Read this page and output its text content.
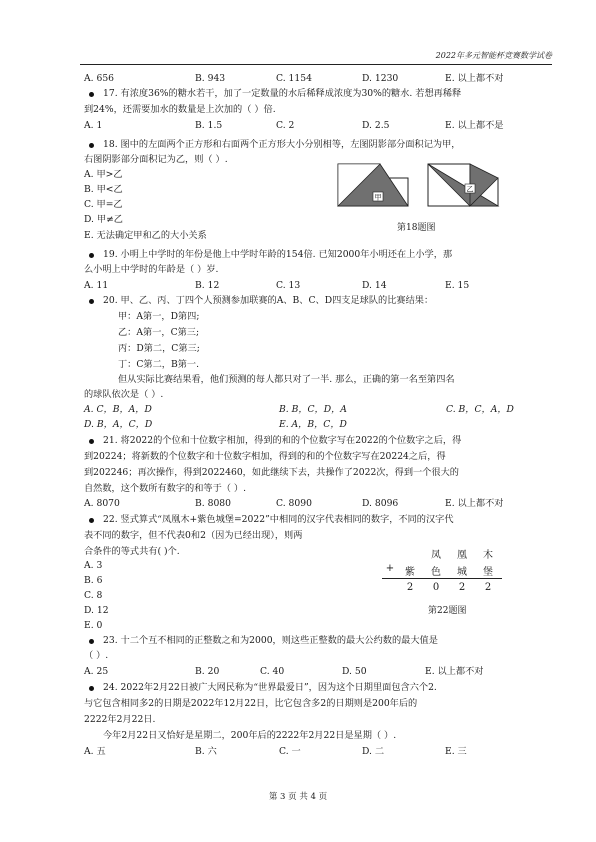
2022年多元智能杯竞赛数学试卷
A. 656	B. 943	C. 1154	D. 1230	E. 以上都不对
17. 有浓度36%的糖水若干，加了一定数量的水后稀释成浓度为30%的糖水. 若想再稀释
到24%，还需要加水的数量是上次加的（ ）倍.
A. 1	B. 1.5	C. 2	D. 2.5	E. 以上都不是
18. 图中的左面两个正方形和右面两个正方形大小分别相等，左图阴影部分面积记为甲，
右图阴影部分面积记为乙，则（ ）.
A. 甲>乙
B. 甲<乙
C. 甲=乙
D. 甲≠乙
E. 无法确定甲和乙的大小关系
甲
乙
第18题图
19. 小明上中学时的年份是他上中学时年龄的154倍. 已知2000年小明还在上小学，那
么小明上中学时的年龄是（ ）岁.
A. 11	B. 12	C. 13	D. 14	E. 15
20. 甲、乙、丙、丁四个人预测参加联赛的A、B、C、D四支足球队的比赛结果：
甲：A第一，D第四;
乙：A第一，C第三;
丙：D第二，C第三;
丁：C第二，B第一.
但从实际比赛结果看，他们预测的每人都只对了一半. 那么，正确的第一名至第四名
的球队依次是（ ）.
A. C，B，A，D	B. B，C，D，A	C. B，C，A，D
D. B，A，C，D	E. A，B，C，D
21. 将2022的个位和十位数字相加，得到的和的个位数字写在2022的个位数字之后，得
到20224；将新数的个位数字和十位数字相加，得到的和的个位数字写在20224之后，得
到202246；再次操作，得到2022460，如此继续下去，共操作了2022次，得到一个很大的
自然数，这个数所有数字的和等于（ ）.
A. 8070	B. 8080	C. 8090	D. 8096	E. 以上都不对
22. 竖式算式“凤凰木+紫色城堡=2022”中相同的汉字代表相同的数字，不同的汉字代
表不同的数字，但不代表0和2（因为已经出现），则两
合条件的等式共有( )个.
A. 3
B. 6
C. 8
D. 12
E. 0
凤	凰	木
+	紫	色	城	堡
2	0	2	2
第22题图
23. 十二个互不相同的正整数之和为2000，则这些正整数的最大公约数的最大值是
（ ）.
A. 25	B. 20	C. 40	D. 50	E. 以上都不对
24. 2022年2月22日被广大网民称为“世界最爱日”，因为这个日期里面包含六个2.
与它包含相同多2的日期是2022年12月22日，比它包含多2的日期则是200年后的
2222年2月22日.
今年2月22日又恰好是星期二，200年后的2222年2月22日是星期（ ）.
A. 五	B. 六	C. 一	D. 二	E. 三
第 3 页 共 4 页
